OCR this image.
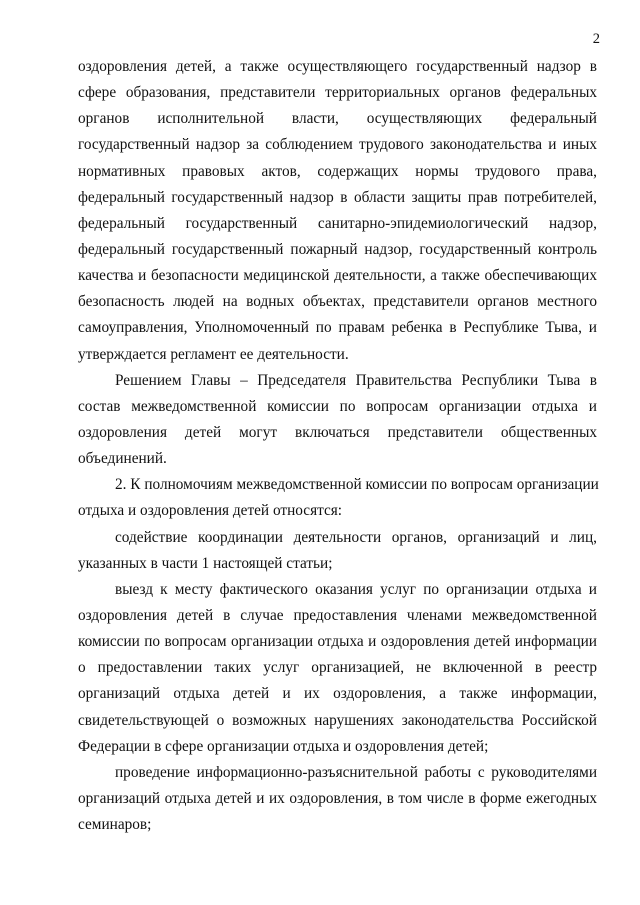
2
оздоровления детей, а также осуществляющего государственный надзор в
сфере образования, представители территориальных органов федеральных
органов исполнительной власти, осуществляющих федеральный
государственный надзор за соблюдением трудового законодательства и иных
нормативных правовых актов, содержащих нормы трудового права,
федеральный государственный надзор в области защиты прав потребителей,
федеральный государственный санитарно-эпидемиологический надзор,
федеральный государственный пожарный надзор, государственный контроль
качества и безопасности медицинской деятельности, а также обеспечивающих
безопасность людей на водных объектах, представители органов местного
самоуправления, Уполномоченный по правам ребенка в Республике Тыва, и
утверждается регламент ее деятельности.
Решением Главы – Председателя Правительства Республики Тыва в
состав межведомственной комиссии по вопросам организации отдыха и
оздоровления детей могут включаться представители общественных
объединений.
2. К полномочиям межведомственной комиссии по вопросам организации
отдыха и оздоровления детей относятся:
содействие координации деятельности органов, организаций и лиц,
указанных в части 1 настоящей статьи;
выезд к месту фактического оказания услуг по организации отдыха и
оздоровления детей в случае предоставления членами межведомственной
комиссии по вопросам организации отдыха и оздоровления детей информации
о предоставлении таких услуг организацией, не включенной в реестр
организаций отдыха детей и их оздоровления, а также информации,
свидетельствующей о возможных нарушениях законодательства Российской
Федерации в сфере организации отдыха и оздоровления детей;
проведение информационно-разъяснительной работы с руководителями
организаций отдыха детей и их оздоровления, в том числе в форме ежегодных
семинаров;
